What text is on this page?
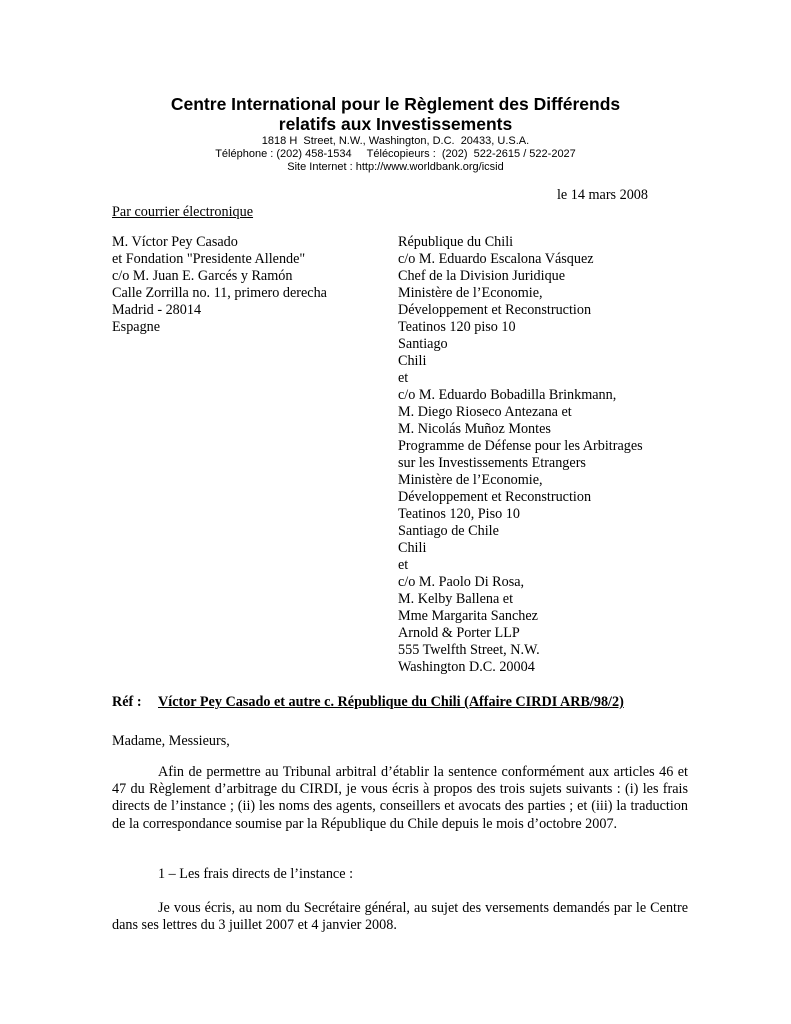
Centre International pour le Règlement des Différends
relatifs aux Investissements
1818 H  Street, N.W., Washington, D.C.  20433, U.S.A.
Téléphone : (202) 458-1534     Télécopieurs :  (202)  522-2615 / 522-2027
Site Internet : http://www.worldbank.org/icsid
le 14 mars 2008
Par courrier électronique
M. Víctor Pey Casado
et Fondation "Presidente Allende"
c/o M. Juan E. Garcés y Ramón
Calle Zorrilla no. 11, primero derecha
Madrid - 28014
Espagne
République du Chili
c/o M. Eduardo Escalona Vásquez
Chef de la Division Juridique
Ministère de l’Economie,
Développement et Reconstruction
Teatinos 120 piso 10
Santiago
Chili
et
c/o M. Eduardo Bobadilla Brinkmann,
M. Diego Rioseco Antezana et
M. Nicolás Muñoz Montes
Programme de Défense pour les Arbitrages
sur les Investissements Etrangers
Ministère de l’Economie,
Développement et Reconstruction
Teatinos 120, Piso 10
Santiago de Chile
Chili
et
c/o M. Paolo Di Rosa,
M. Kelby Ballena et
Mme Margarita Sanchez
Arnold & Porter LLP
555 Twelfth Street, N.W.
Washington D.C. 20004
Réf : Víctor Pey Casado et autre c. République du Chili (Affaire CIRDI ARB/98/2)
Madame, Messieurs,
Afin de permettre au Tribunal arbitral d’établir la sentence conformément aux articles 46 et 47 du Règlement d’arbitrage du CIRDI, je vous écris à propos des trois sujets suivants : (i) les frais directs de l’instance ; (ii) les noms des agents, conseillers et avocats des parties ; et (iii) la traduction de la correspondance soumise par la République du Chile depuis le mois d’octobre 2007.
1 – Les frais directs de l’instance :
Je vous écris, au nom du Secrétaire général, au sujet des versements demandés par le Centre dans ses lettres du 3 juillet 2007 et 4 janvier 2008.
